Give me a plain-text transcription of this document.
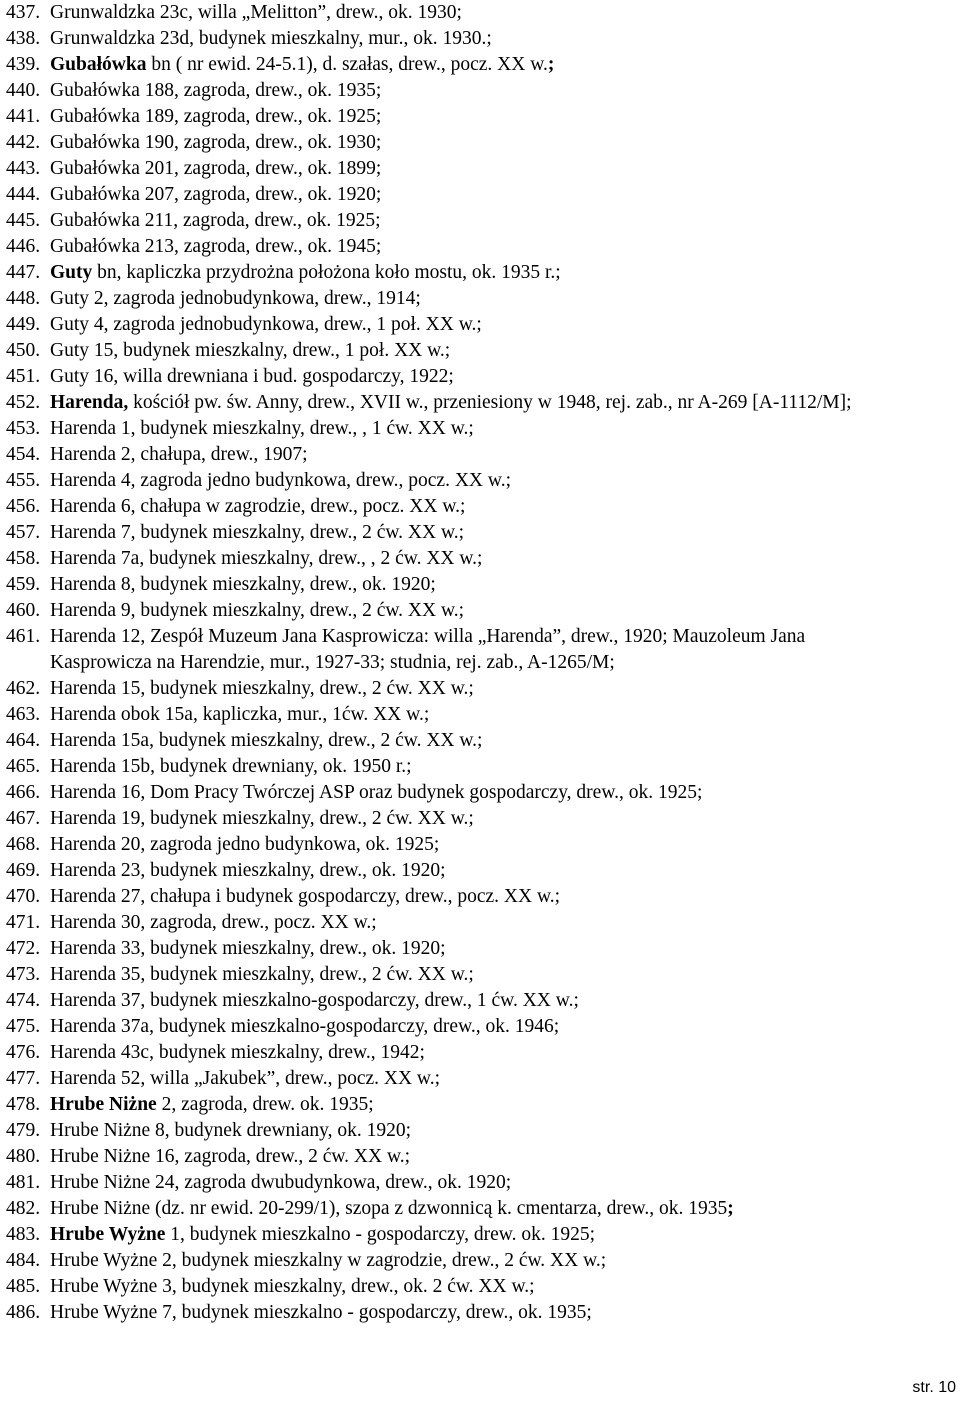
437. Grunwaldzka 23c, willa „Melitton”, drew., ok. 1930;
438. Grunwaldzka 23d, budynek mieszkalny, mur., ok. 1930.;
439. Gubałówka bn ( nr ewid. 24-5.1), d. szałas, drew., pocz. XX w.;
440. Gubałówka 188, zagroda, drew., ok. 1935;
441. Gubałówka 189, zagroda, drew., ok. 1925;
442. Gubałówka 190, zagroda, drew., ok. 1930;
443. Gubałówka 201, zagroda, drew., ok. 1899;
444. Gubałówka 207, zagroda, drew., ok. 1920;
445. Gubałówka 211, zagroda, drew., ok. 1925;
446. Gubałówka 213, zagroda, drew., ok. 1945;
447. Guty bn, kapliczka przydrożna położona koło mostu, ok. 1935 r.;
448. Guty 2, zagroda jednobudynkowa, drew., 1914;
449. Guty 4, zagroda jednobudynkowa, drew., 1 poł. XX w.;
450. Guty 15, budynek mieszkalny, drew., 1 poł. XX w.;
451. Guty 16, willa drewniana i bud. gospodarczy, 1922;
452. Harenda, kościół pw. św. Anny, drew., XVII w., przeniesiony w 1948, rej. zab., nr A-269 [A-1112/M];
453. Harenda 1, budynek mieszkalny, drew., , 1 ćw. XX w.;
454. Harenda 2, chałupa, drew., 1907;
455. Harenda 4, zagroda jedno budynkowa, drew., pocz. XX w.;
456. Harenda 6, chałupa w zagrodzie, drew., pocz. XX w.;
457. Harenda 7, budynek mieszkalny, drew., 2 ćw. XX w.;
458. Harenda 7a, budynek mieszkalny, drew., , 2 ćw. XX w.;
459. Harenda 8, budynek mieszkalny, drew., ok. 1920;
460. Harenda 9, budynek mieszkalny, drew., 2 ćw. XX w.;
461. Harenda 12, Zespół Muzeum Jana Kasprowicza: willa „Harenda”, drew., 1920; Mauzoleum Jana
Kasprowicza na Harendzie, mur., 1927-33; studnia, rej. zab., A-1265/M;
462. Harenda 15, budynek mieszkalny, drew., 2 ćw. XX w.;
463. Harenda obok 15a, kapliczka, mur., 1ćw. XX w.;
464. Harenda 15a, budynek mieszkalny, drew., 2 ćw. XX w.;
465. Harenda 15b, budynek drewniany, ok. 1950 r.;
466. Harenda 16, Dom Pracy Twórczej ASP oraz budynek gospodarczy, drew., ok. 1925;
467. Harenda 19, budynek mieszkalny, drew., 2 ćw. XX w.;
468. Harenda 20, zagroda jedno budynkowa, ok. 1925;
469. Harenda 23, budynek mieszkalny, drew., ok. 1920;
470. Harenda 27, chałupa i budynek gospodarczy, drew., pocz. XX w.;
471. Harenda 30, zagroda, drew., pocz. XX w.;
472. Harenda 33, budynek mieszkalny, drew., ok. 1920;
473. Harenda 35, budynek mieszkalny, drew., 2 ćw. XX w.;
474. Harenda 37, budynek mieszkalno-gospodarczy, drew., 1 ćw. XX w.;
475. Harenda 37a, budynek mieszkalno-gospodarczy, drew., ok. 1946;
476. Harenda 43c, budynek mieszkalny, drew., 1942;
477. Harenda 52, willa „Jakubek”, drew., pocz. XX w.;
478. Hrube Niżne 2, zagroda, drew. ok. 1935;
479. Hrube Niżne 8, budynek drewniany, ok. 1920;
480. Hrube Niżne 16, zagroda, drew., 2 ćw. XX w.;
481. Hrube Niżne 24, zagroda dwubudynkowa, drew., ok. 1920;
482. Hrube Niżne (dz. nr ewid. 20-299/1), szopa z dzwonnicą k. cmentarza, drew., ok. 1935;
483. Hrube Wyżne 1, budynek mieszkalno - gospodarczy, drew. ok. 1925;
484. Hrube Wyżne 2, budynek mieszkalny w zagrodzie, drew., 2 ćw. XX w.;
485. Hrube Wyżne 3, budynek mieszkalny, drew., ok. 2 ćw. XX w.;
486. Hrube Wyżne 7, budynek mieszkalno - gospodarczy, drew., ok. 1935;
str. 10
